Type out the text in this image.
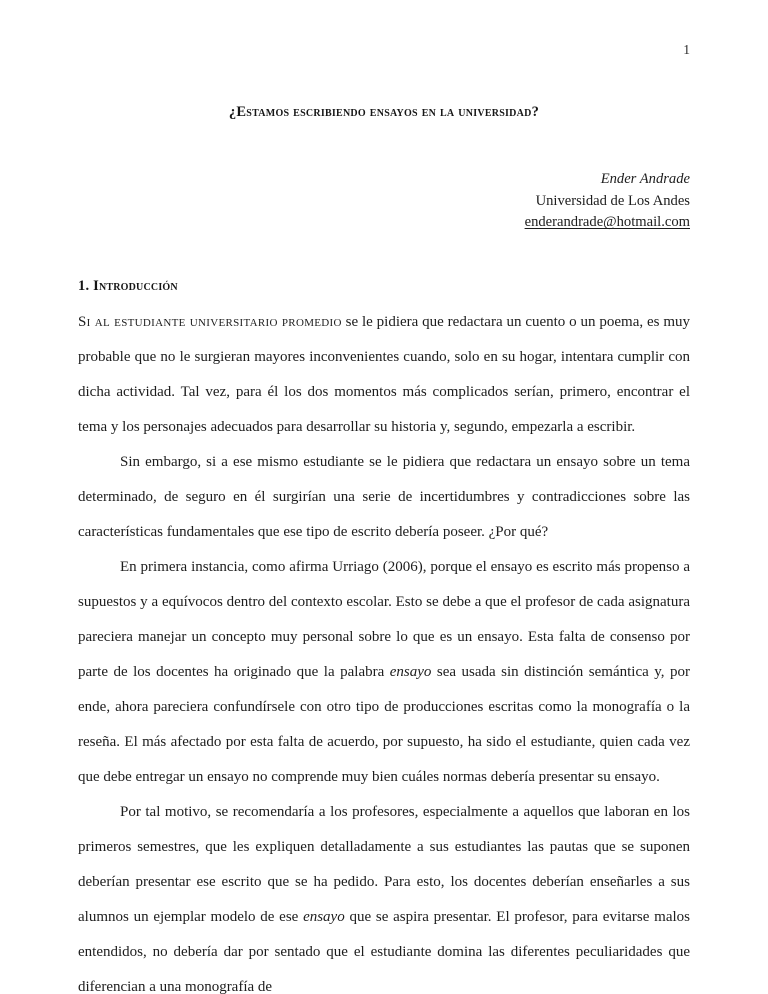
1
¿Estamos escribiendo ensayos en la universidad?
Ender Andrade
Universidad de Los Andes
enderandrade@hotmail.com
1. Introducción

Si al estudiante universitario promedio se le pidiera que redactara un cuento o un poema, es muy probable que no le surgieran mayores inconvenientes cuando, solo en su hogar, intentara cumplir con dicha actividad. Tal vez, para él los dos momentos más complicados serían, primero, encontrar el tema y los personajes adecuados para desarrollar su historia y, segundo, empezarla a escribir.

Sin embargo, si a ese mismo estudiante se le pidiera que redactara un ensayo sobre un tema determinado, de seguro en él surgirían una serie de incertidumbres y contradicciones sobre las características fundamentales que ese tipo de escrito debería poseer. ¿Por qué?

En primera instancia, como afirma Urriago (2006), porque el ensayo es escrito más propenso a supuestos y a equívocos dentro del contexto escolar. Esto se debe a que el profesor de cada asignatura pareciera manejar un concepto muy personal sobre lo que es un ensayo. Esta falta de consenso por parte de los docentes ha originado que la palabra ensayo sea usada sin distinción semántica y, por ende, ahora pareciera confundírsele con otro tipo de producciones escritas como la monografía o la reseña. El más afectado por esta falta de acuerdo, por supuesto, ha sido el estudiante, quien cada vez que debe entregar un ensayo no comprende muy bien cuáles normas debería presentar su ensayo.

Por tal motivo, se recomendaría a los profesores, especialmente a aquellos que laboran en los primeros semestres, que les expliquen detalladamente a sus estudiantes las pautas que se suponen deberían presentar ese escrito que se ha pedido. Para esto, los docentes deberían enseñarles a sus alumnos un ejemplar modelo de ese ensayo que se aspira presentar. El profesor, para evitarse malos entendidos, no debería dar por sentado que el estudiante domina las diferentes peculiaridades que diferencian a una monografía de
